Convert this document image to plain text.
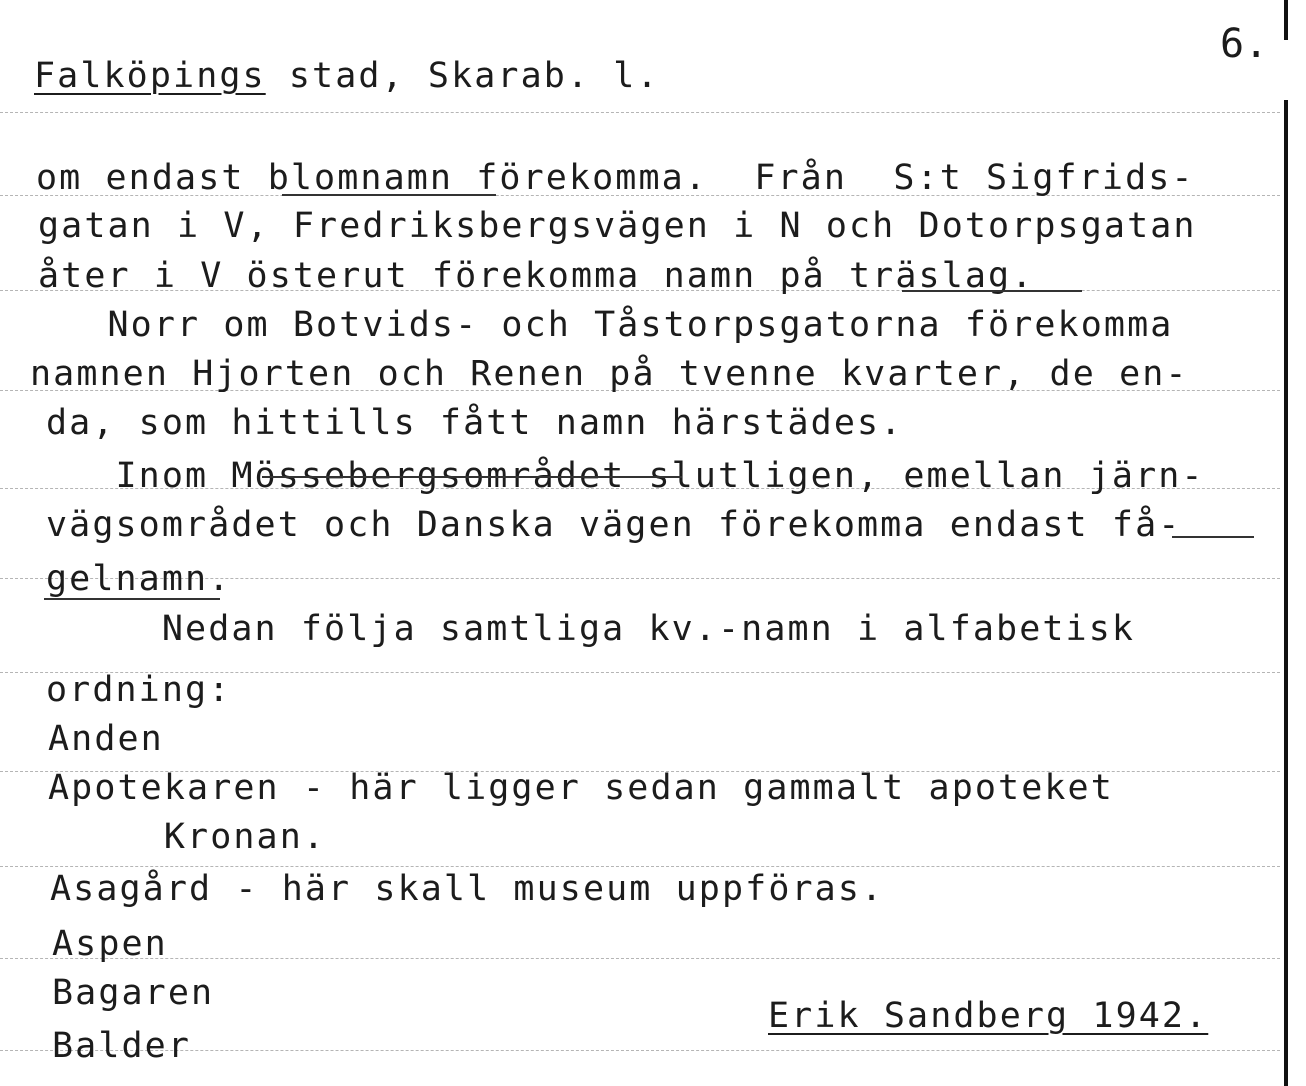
6.

Falköpings stad, Skarab. l.

om endast blomnamn förekomma.  Från  S:t Sigfrids-

gatan i V, Fredriksbergsvägen i N och Dotorpsgatan

åter i V österut förekomma namn på träslag.

Norr om Botvids- och Tåstorpsgatorna förekomma

namnen Hjorten och Renen på tvenne kvarter, de en-

da, som hittills fått namn härstädes.

Inom Mössebergsområdet slutligen, emellan järn-

vägsområdet och Danska vägen förekomma endast få-

gelnamn.

Nedan följa samtliga kv.-namn i alfabetisk

ordning:

Anden

Apotekaren - här ligger sedan gammalt apoteket

Kronan.

Asagård - här skall museum uppföras.

Aspen

Bagaren

Balder

Erik Sandberg 1942.
